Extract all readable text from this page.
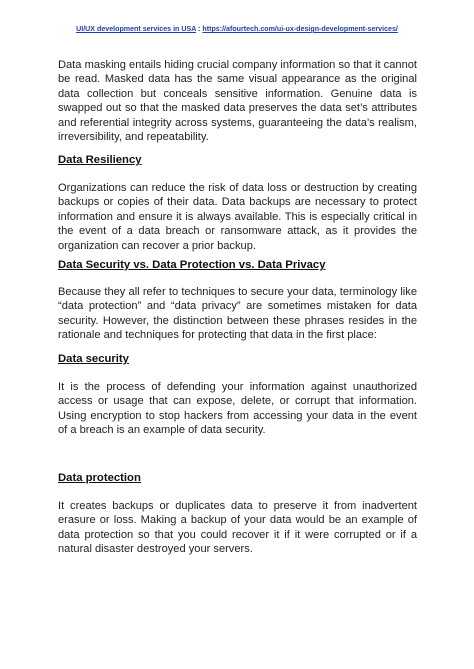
UI/UX development services in USA : https://afourtech.com/ui-ux-design-development-services/

Data masking entails hiding crucial company information so that it cannot be read. Masked data has the same visual appearance as the original data collection but conceals sensitive information. Genuine data is swapped out so that the masked data preserves the data set’s attributes and referential integrity across systems, guaranteeing the data’s realism, irreversibility, and repeatability.

Data Resiliency

Organizations can reduce the risk of data loss or destruction by creating backups or copies of their data. Data backups are necessary to protect information and ensure it is always available. This is especially critical in the event of a data breach or ransomware attack, as it provides the organization can recover a prior backup.

Data Security vs. Data Protection vs. Data Privacy

Because they all refer to techniques to secure your data, terminology like “data protection” and “data privacy” are sometimes mistaken for data security. However, the distinction between these phrases resides in the rationale and techniques for protecting that data in the first place:

Data security

It is the process of defending your information against unauthorized access or usage that can expose, delete, or corrupt that information. Using encryption to stop hackers from accessing your data in the event of a breach is an example of data security.

Data protection

It creates backups or duplicates data to preserve it from inadvertent erasure or loss. Making a backup of your data would be an example of data protection so that you could recover it if it were corrupted or if a natural disaster destroyed your servers.
